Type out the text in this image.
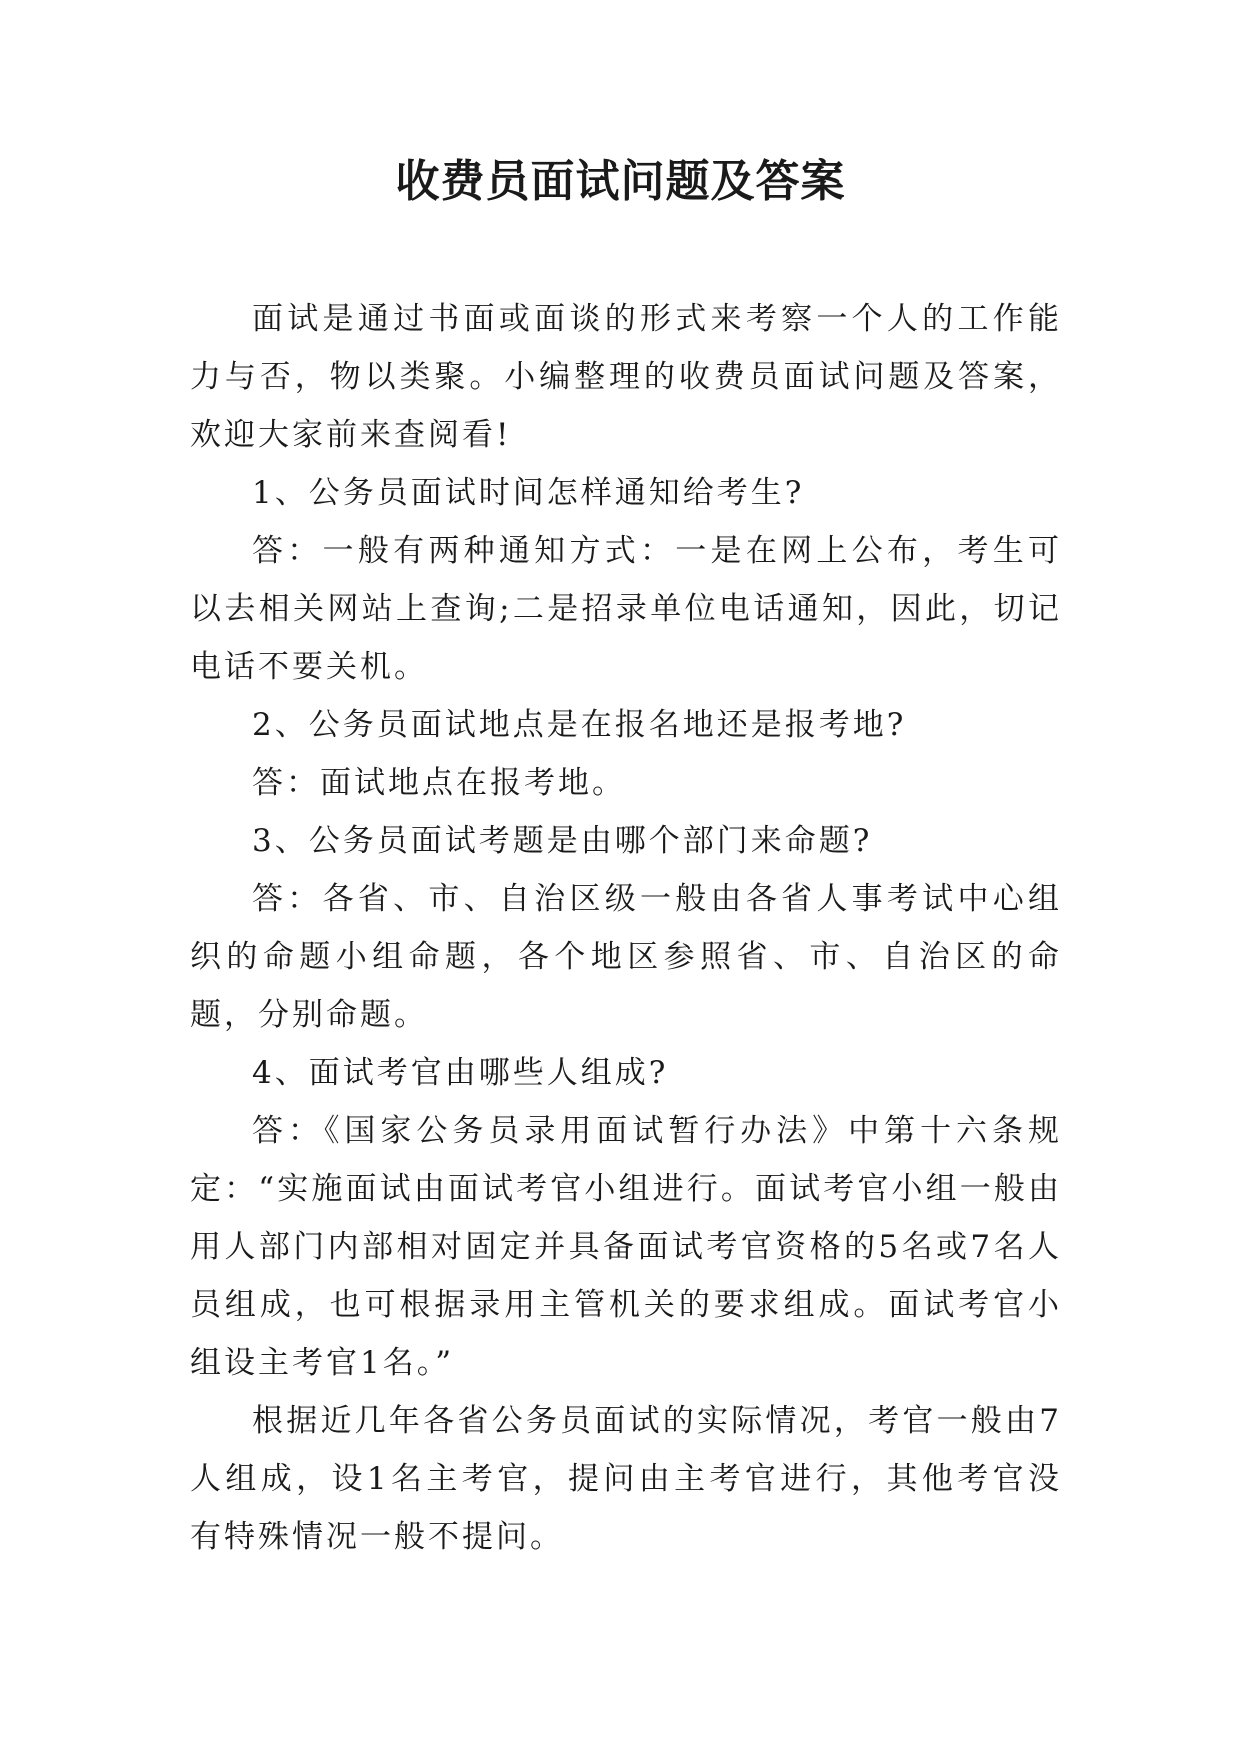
收费员面试问题及答案

面试是通过书面或面谈的形式来考察一个人的工作能力与否，物以类聚。小编整理的收费员面试问题及答案，欢迎大家前来查阅看!

1、公务员面试时间怎样通知给考生?

答：一般有两种通知方式：一是在网上公布，考生可以去相关网站上查询;二是招录单位电话通知，因此，切记电话不要关机。

2、公务员面试地点是在报名地还是报考地?

答：面试地点在报考地。

3、公务员面试考题是由哪个部门来命题?

答：各省、市、自治区级一般由各省人事考试中心组织的命题小组命题，各个地区参照省、市、自治区的命题，分别命题。

4、面试考官由哪些人组成?

答：《国家公务员录用面试暂行办法》中第十六条规定：“实施面试由面试考官小组进行。面试考官小组一般由用人部门内部相对固定并具备面试考官资格的5名或7名人员组成，也可根据录用主管机关的要求组成。面试考官小组设主考官1名。”

根据近几年各省公务员面试的实际情况，考官一般由7人组成，设1名主考官，提问由主考官进行，其他考官没有特殊情况一般不提问。
